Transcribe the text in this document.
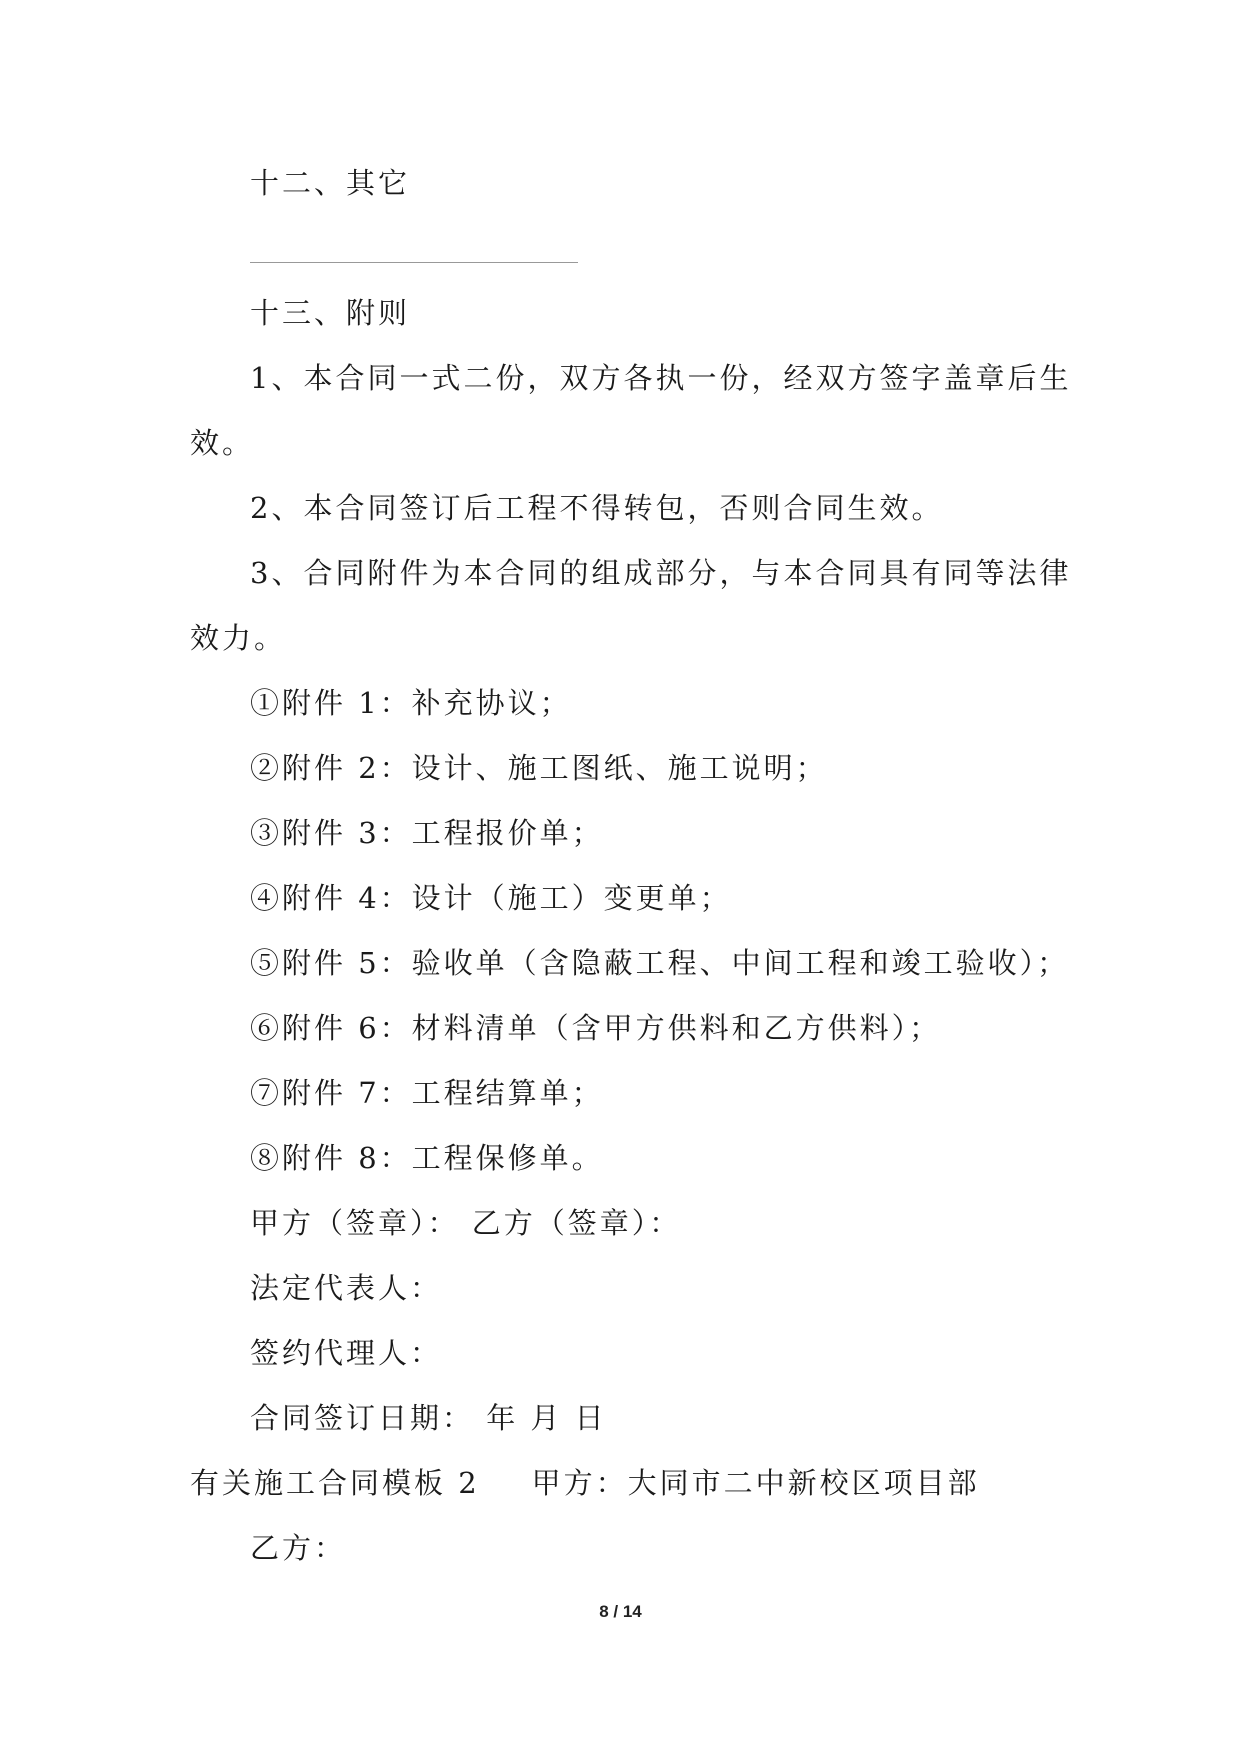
十二、其它
十三、附则
1、本合同一式二份，双方各执一份，经双方签字盖章后生
效。
2、本合同签订后工程不得转包，否则合同生效。
3、合同附件为本合同的组成部分，与本合同具有同等法律
效力。
①附件 1：补充协议；
②附件 2：设计、施工图纸、施工说明；
③附件 3：工程报价单；
④附件 4：设计（施工）变更单；
⑤附件 5：验收单（含隐蔽工程、中间工程和竣工验收）；
⑥附件 6：材料清单（含甲方供料和乙方供料）；
⑦附件 7：工程结算单；
⑧附件 8：工程保修单。
甲方（签章）： 乙方（签章）：
法定代表人：
签约代理人：
合同签订日期： 年 月 日
有关施工合同模板 2 甲方：大同市二中新校区项目部
乙方：
8 / 14
